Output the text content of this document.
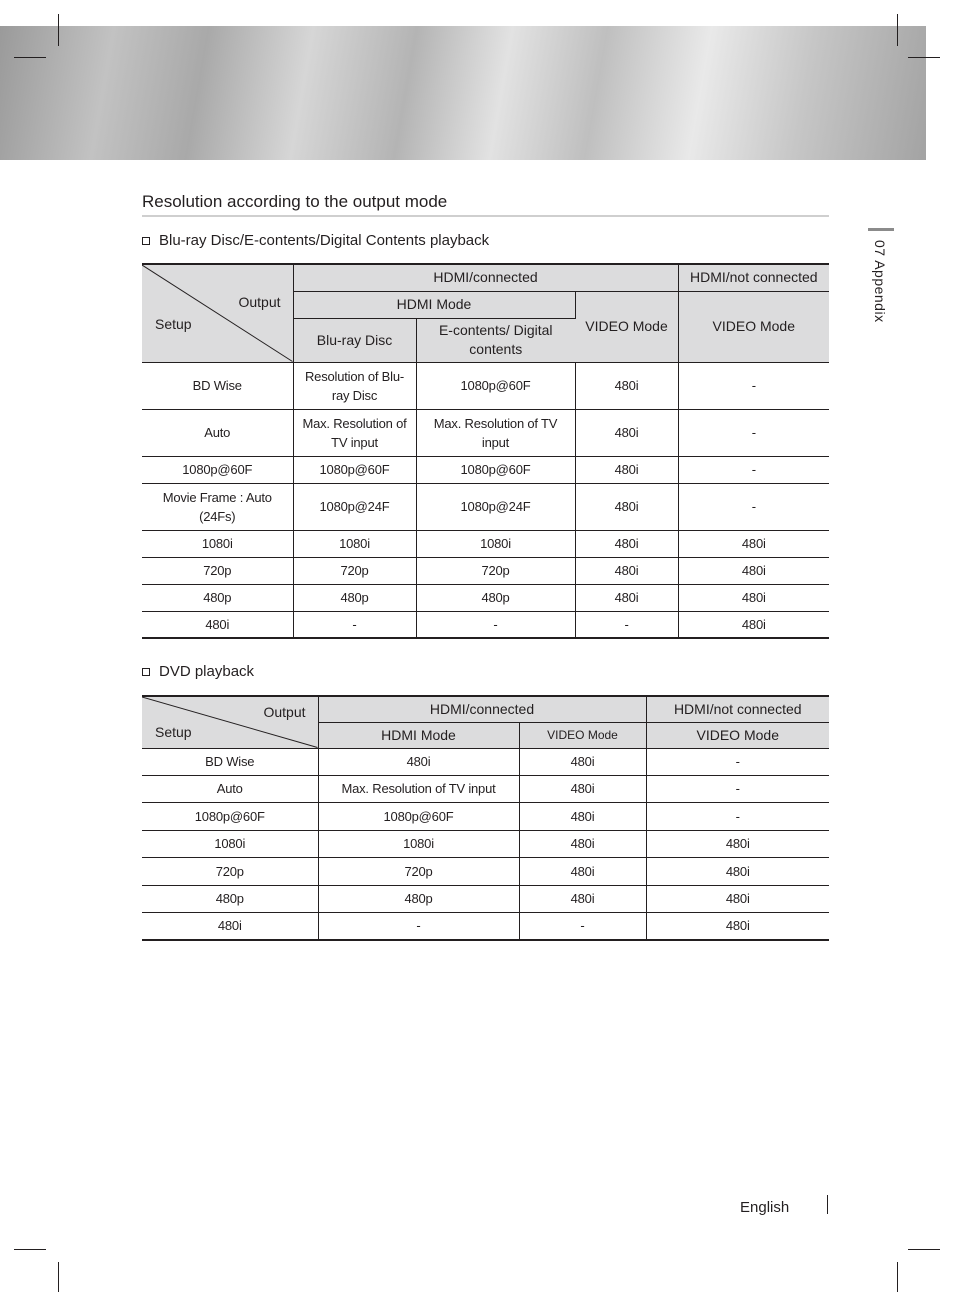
Resolution according to the output mode
07 Appendix
Blu-ray Disc/E-contents/Digital Contents playback
Output
Setup	HDMI/connected			HDMI/not connected
	HDMI Mode		VIDEO Mode	VIDEO Mode
	Blu-ray Disc	E-contents/ Digital contents		
BD Wise	Resolution of Blu-ray Disc	1080p@60F	480i	-
Auto	Max. Resolution of TV input	Max. Resolution of TV input	480i	-
1080p@60F	1080p@60F	1080p@60F	480i	-
Movie Frame : Auto (24Fs)	1080p@24F	1080p@24F	480i	-
1080i	1080i	1080i	480i	480i
720p	720p	720p	480i	480i
480p	480p	480p	480i	480i
480i	-	-	-	480i
DVD playback
Output
Setup	HDMI/connected		HDMI/not connected
	HDMI Mode	VIDEO Mode	VIDEO Mode
BD Wise	480i	480i	-
Auto	Max. Resolution of TV input	480i	-
1080p@60F	1080p@60F	480i	-
1080i	1080i	480i	480i
720p	720p	480i	480i
480p	480p	480i	480i
480i	-	-	480i
English
